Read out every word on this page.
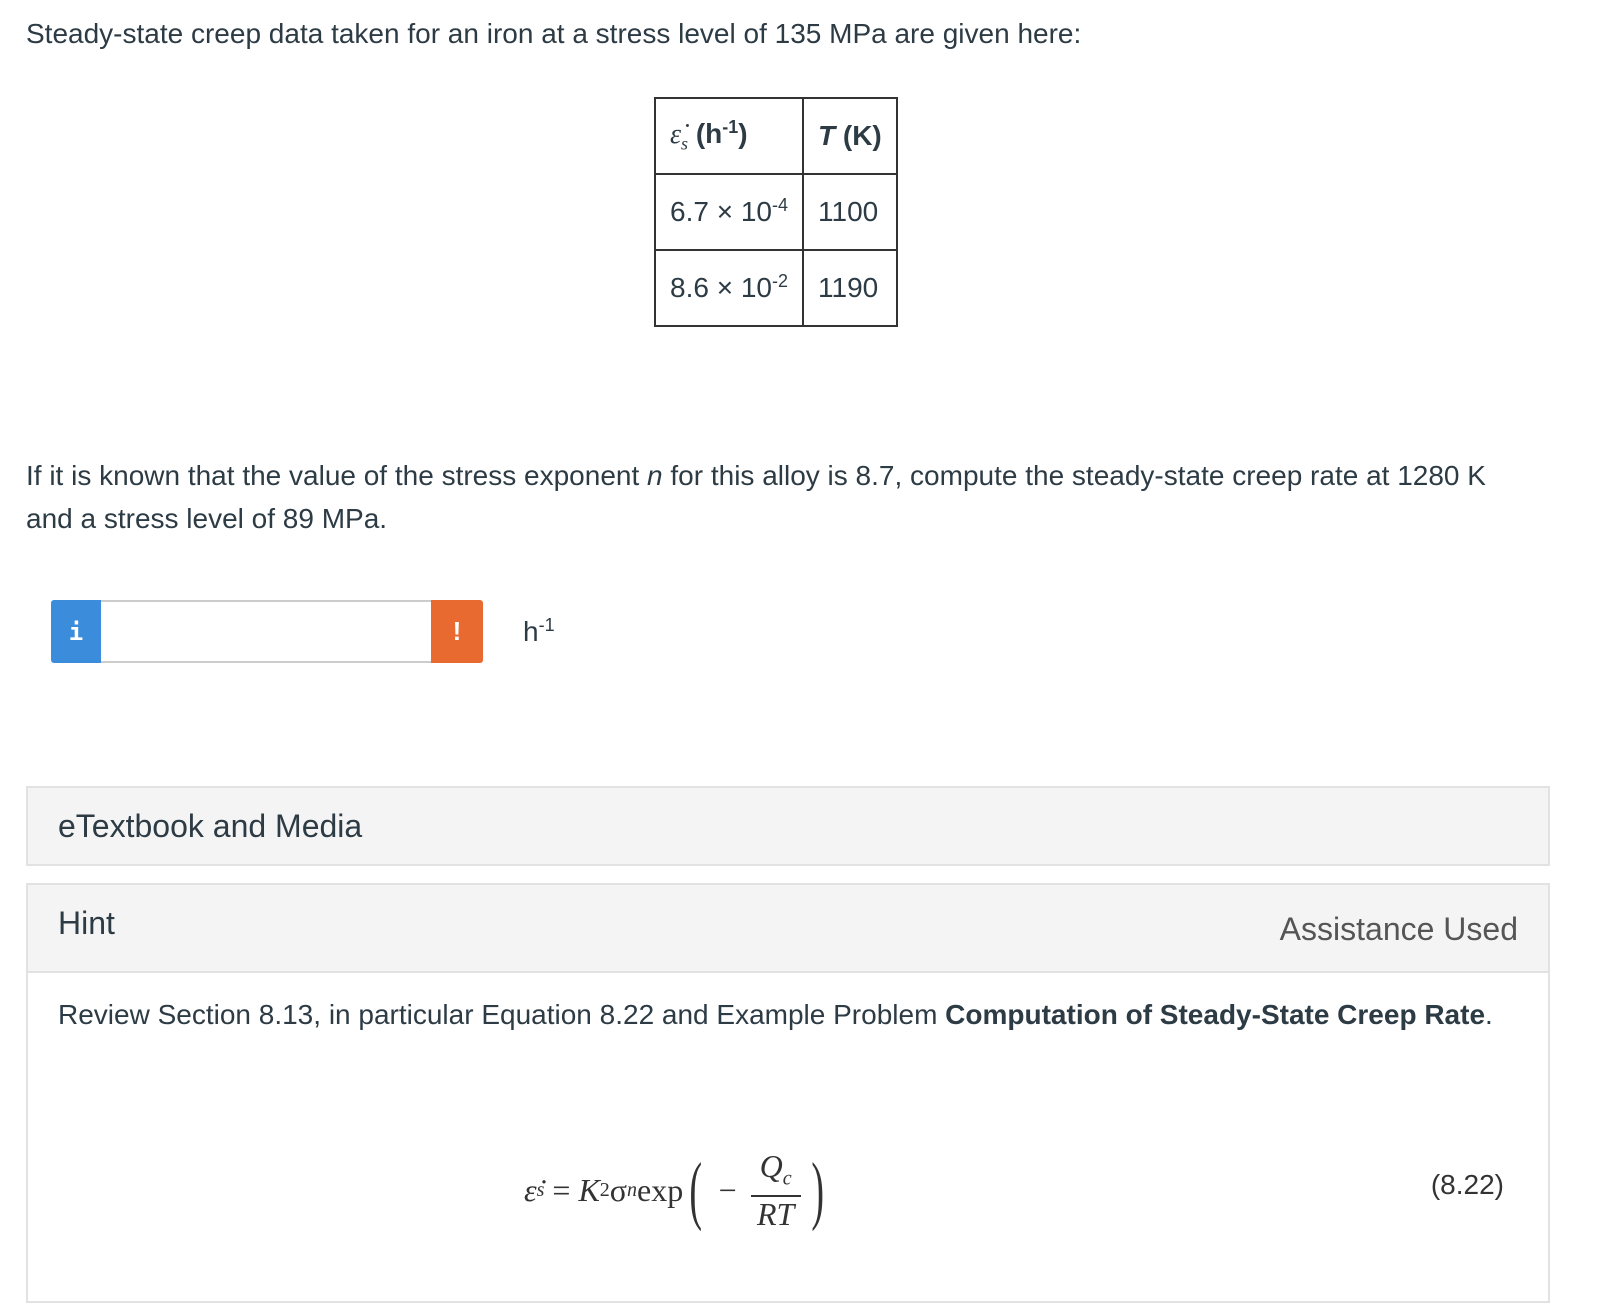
Steady-state creep data taken for an iron at a stress level of 135 MPa are given here:
$\varepsiloṅ_s$ $(h^{-1})$	T (K)
$6.7 \times 10^{-4}$	1100
$8.6 \times 10^{-2}$	1190
If it is known that the value of the stress exponent n for this alloy is 8.7, compute the steady-state creep rate at 1280 K and a stress level of 89 MPa.
i	!	$h^{-1}$
eTextbook and Media
Hint	Assistance Used
Review Section 8.13, in particular Equation 8.22 and Example Problem Computation of Steady-State Creep Rate.
ε̇ s = K 2 σ n exp ( − $\frac{Q_c}{RT}$ )	(8.22)
